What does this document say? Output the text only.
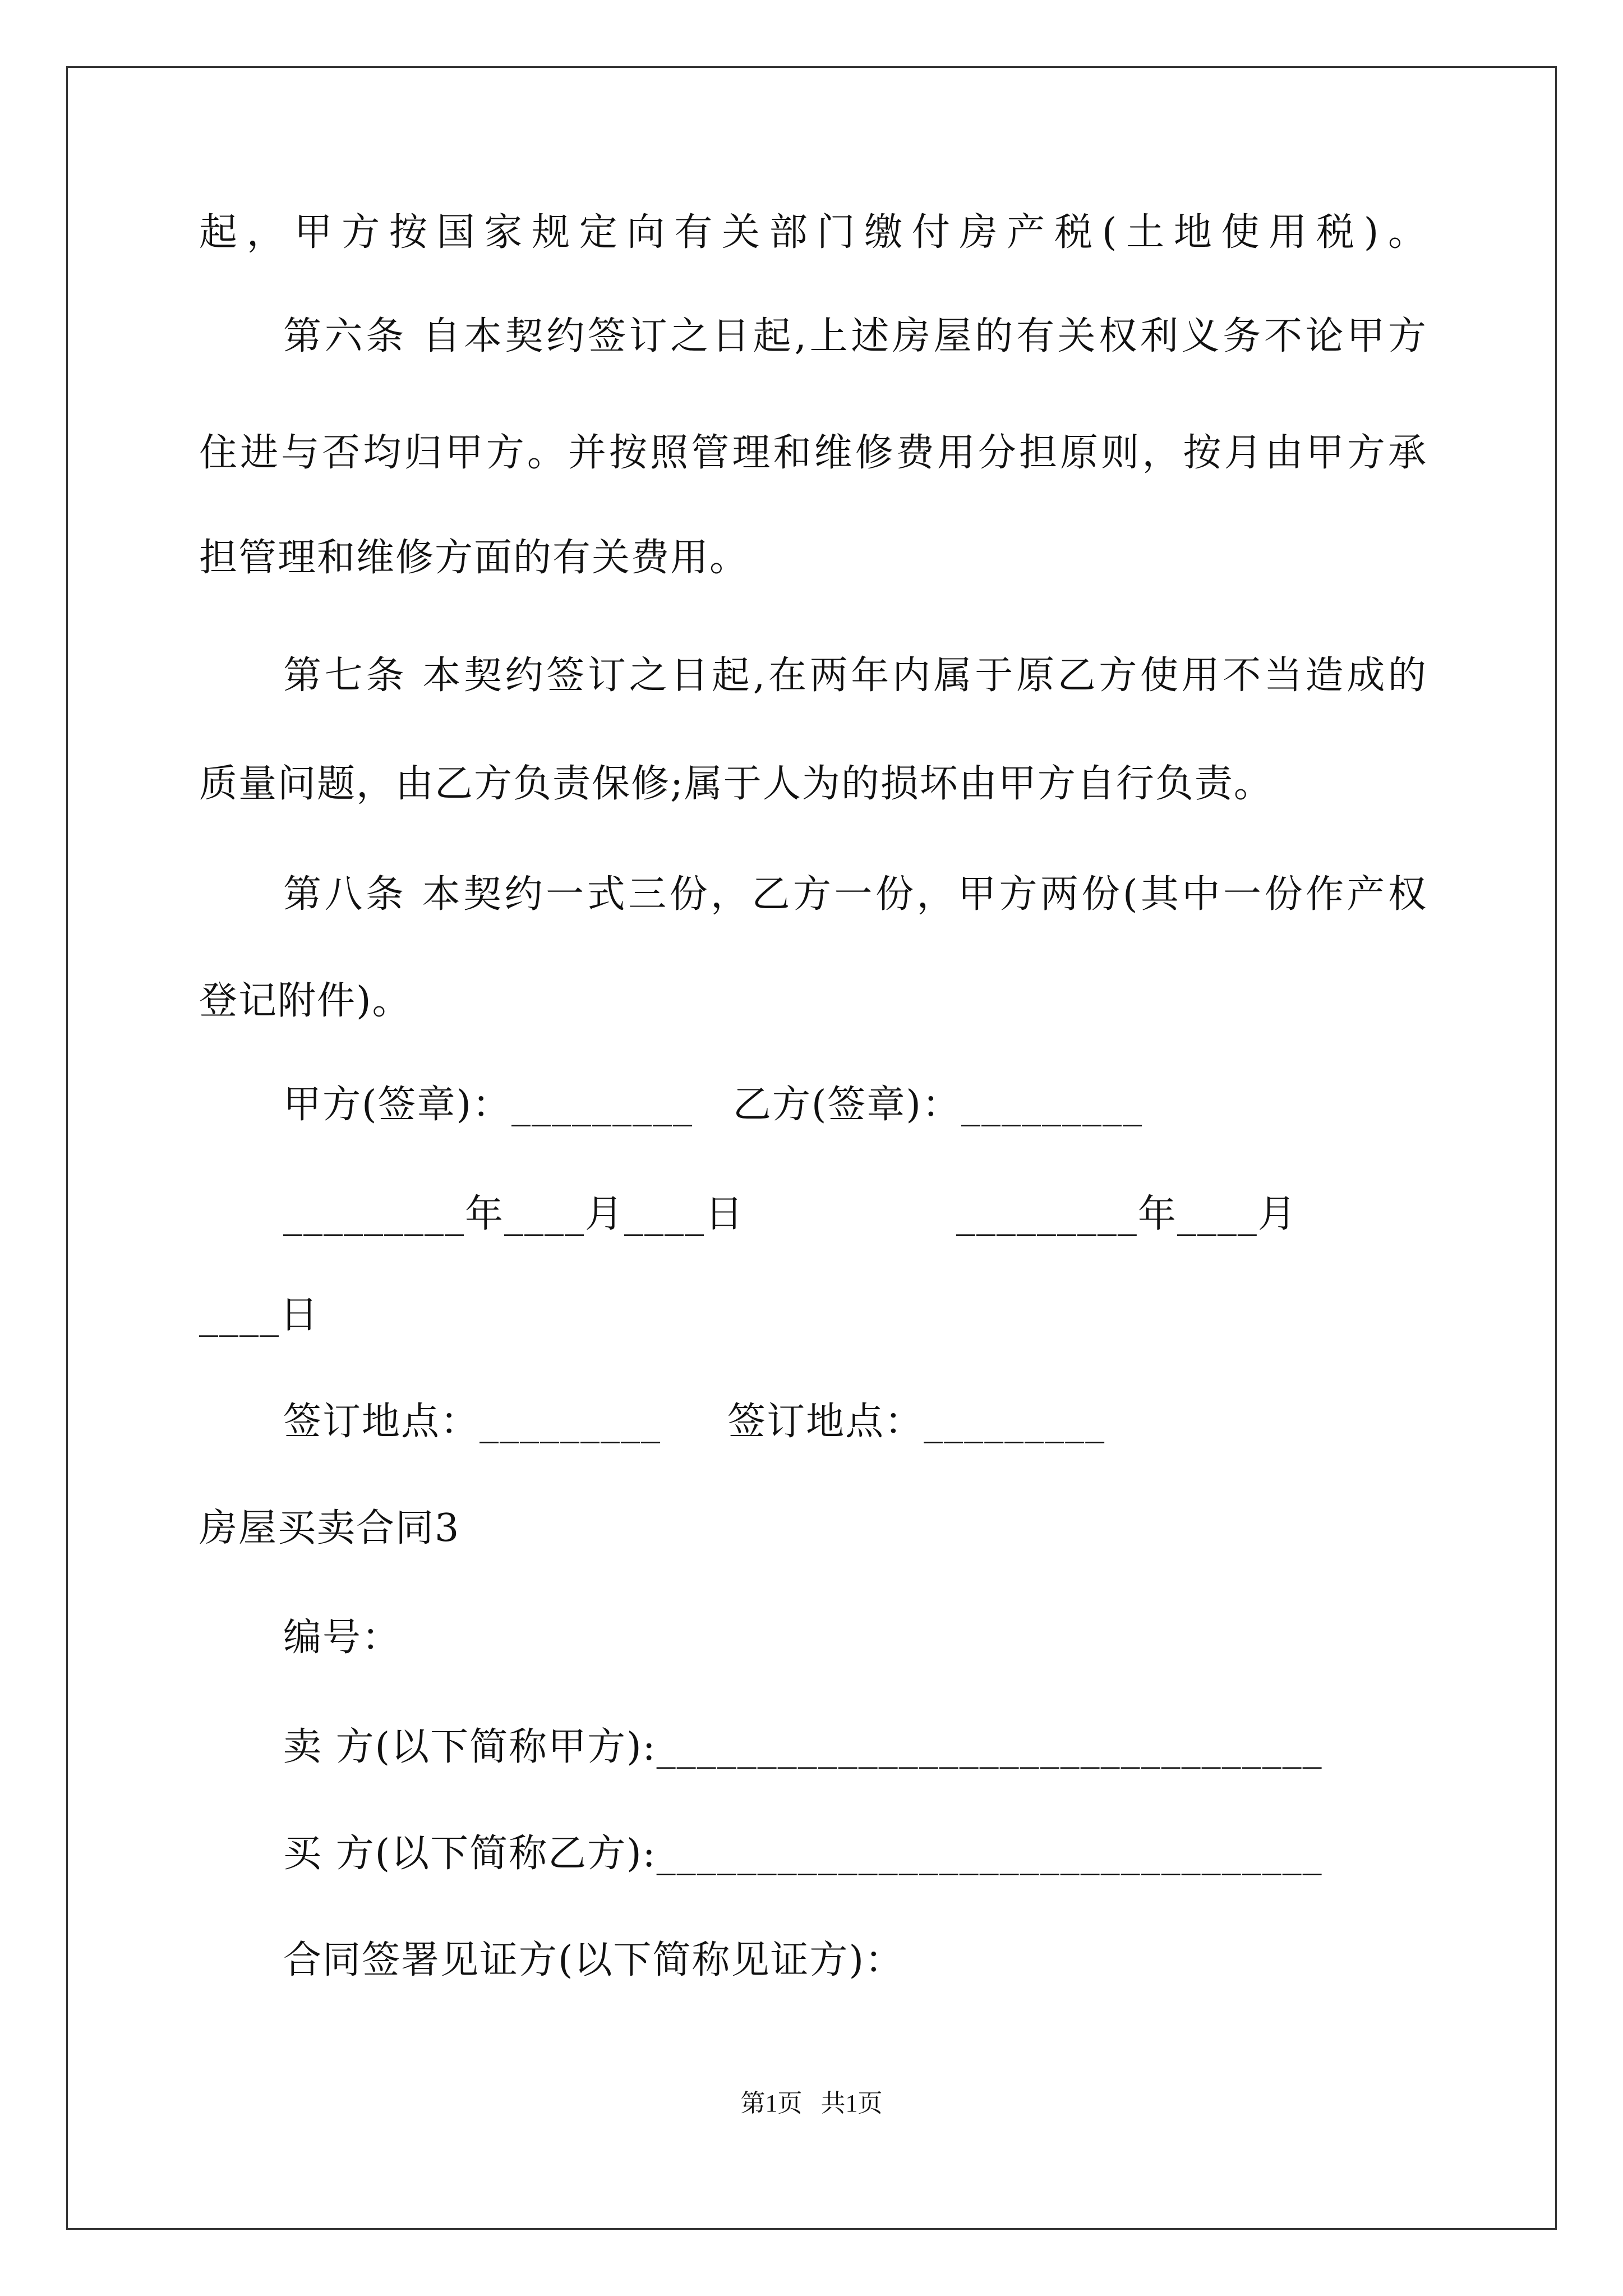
起，甲方按国家规定向有关部门缴付房产税(土地使用税)。
第六条 自本契约签订之日起,上述房屋的有关权利义务不论甲方
住进与否均归甲方。并按照管理和维修费用分担原则，按月由甲方承
担管理和维修方面的有关费用。
第七条 本契约签订之日起,在两年内属于原乙方使用不当造成的
质量问题，由乙方负责保修;属于人为的损坏由甲方自行负责。
第八条 本契约一式三份，乙方一份，甲方两份(其中一份作产权
登记附件)。
甲方(签章)：_________   乙方(签章)：_________
_________年____月____日                _________年____月
____日
签订地点：_________     签订地点：_________
房屋买卖合同3
编号：
卖 方(以下简称甲方):_________________________________
买 方(以下简称乙方):_________________________________
合同签署见证方(以下简称见证方)：
第1页   共1页
